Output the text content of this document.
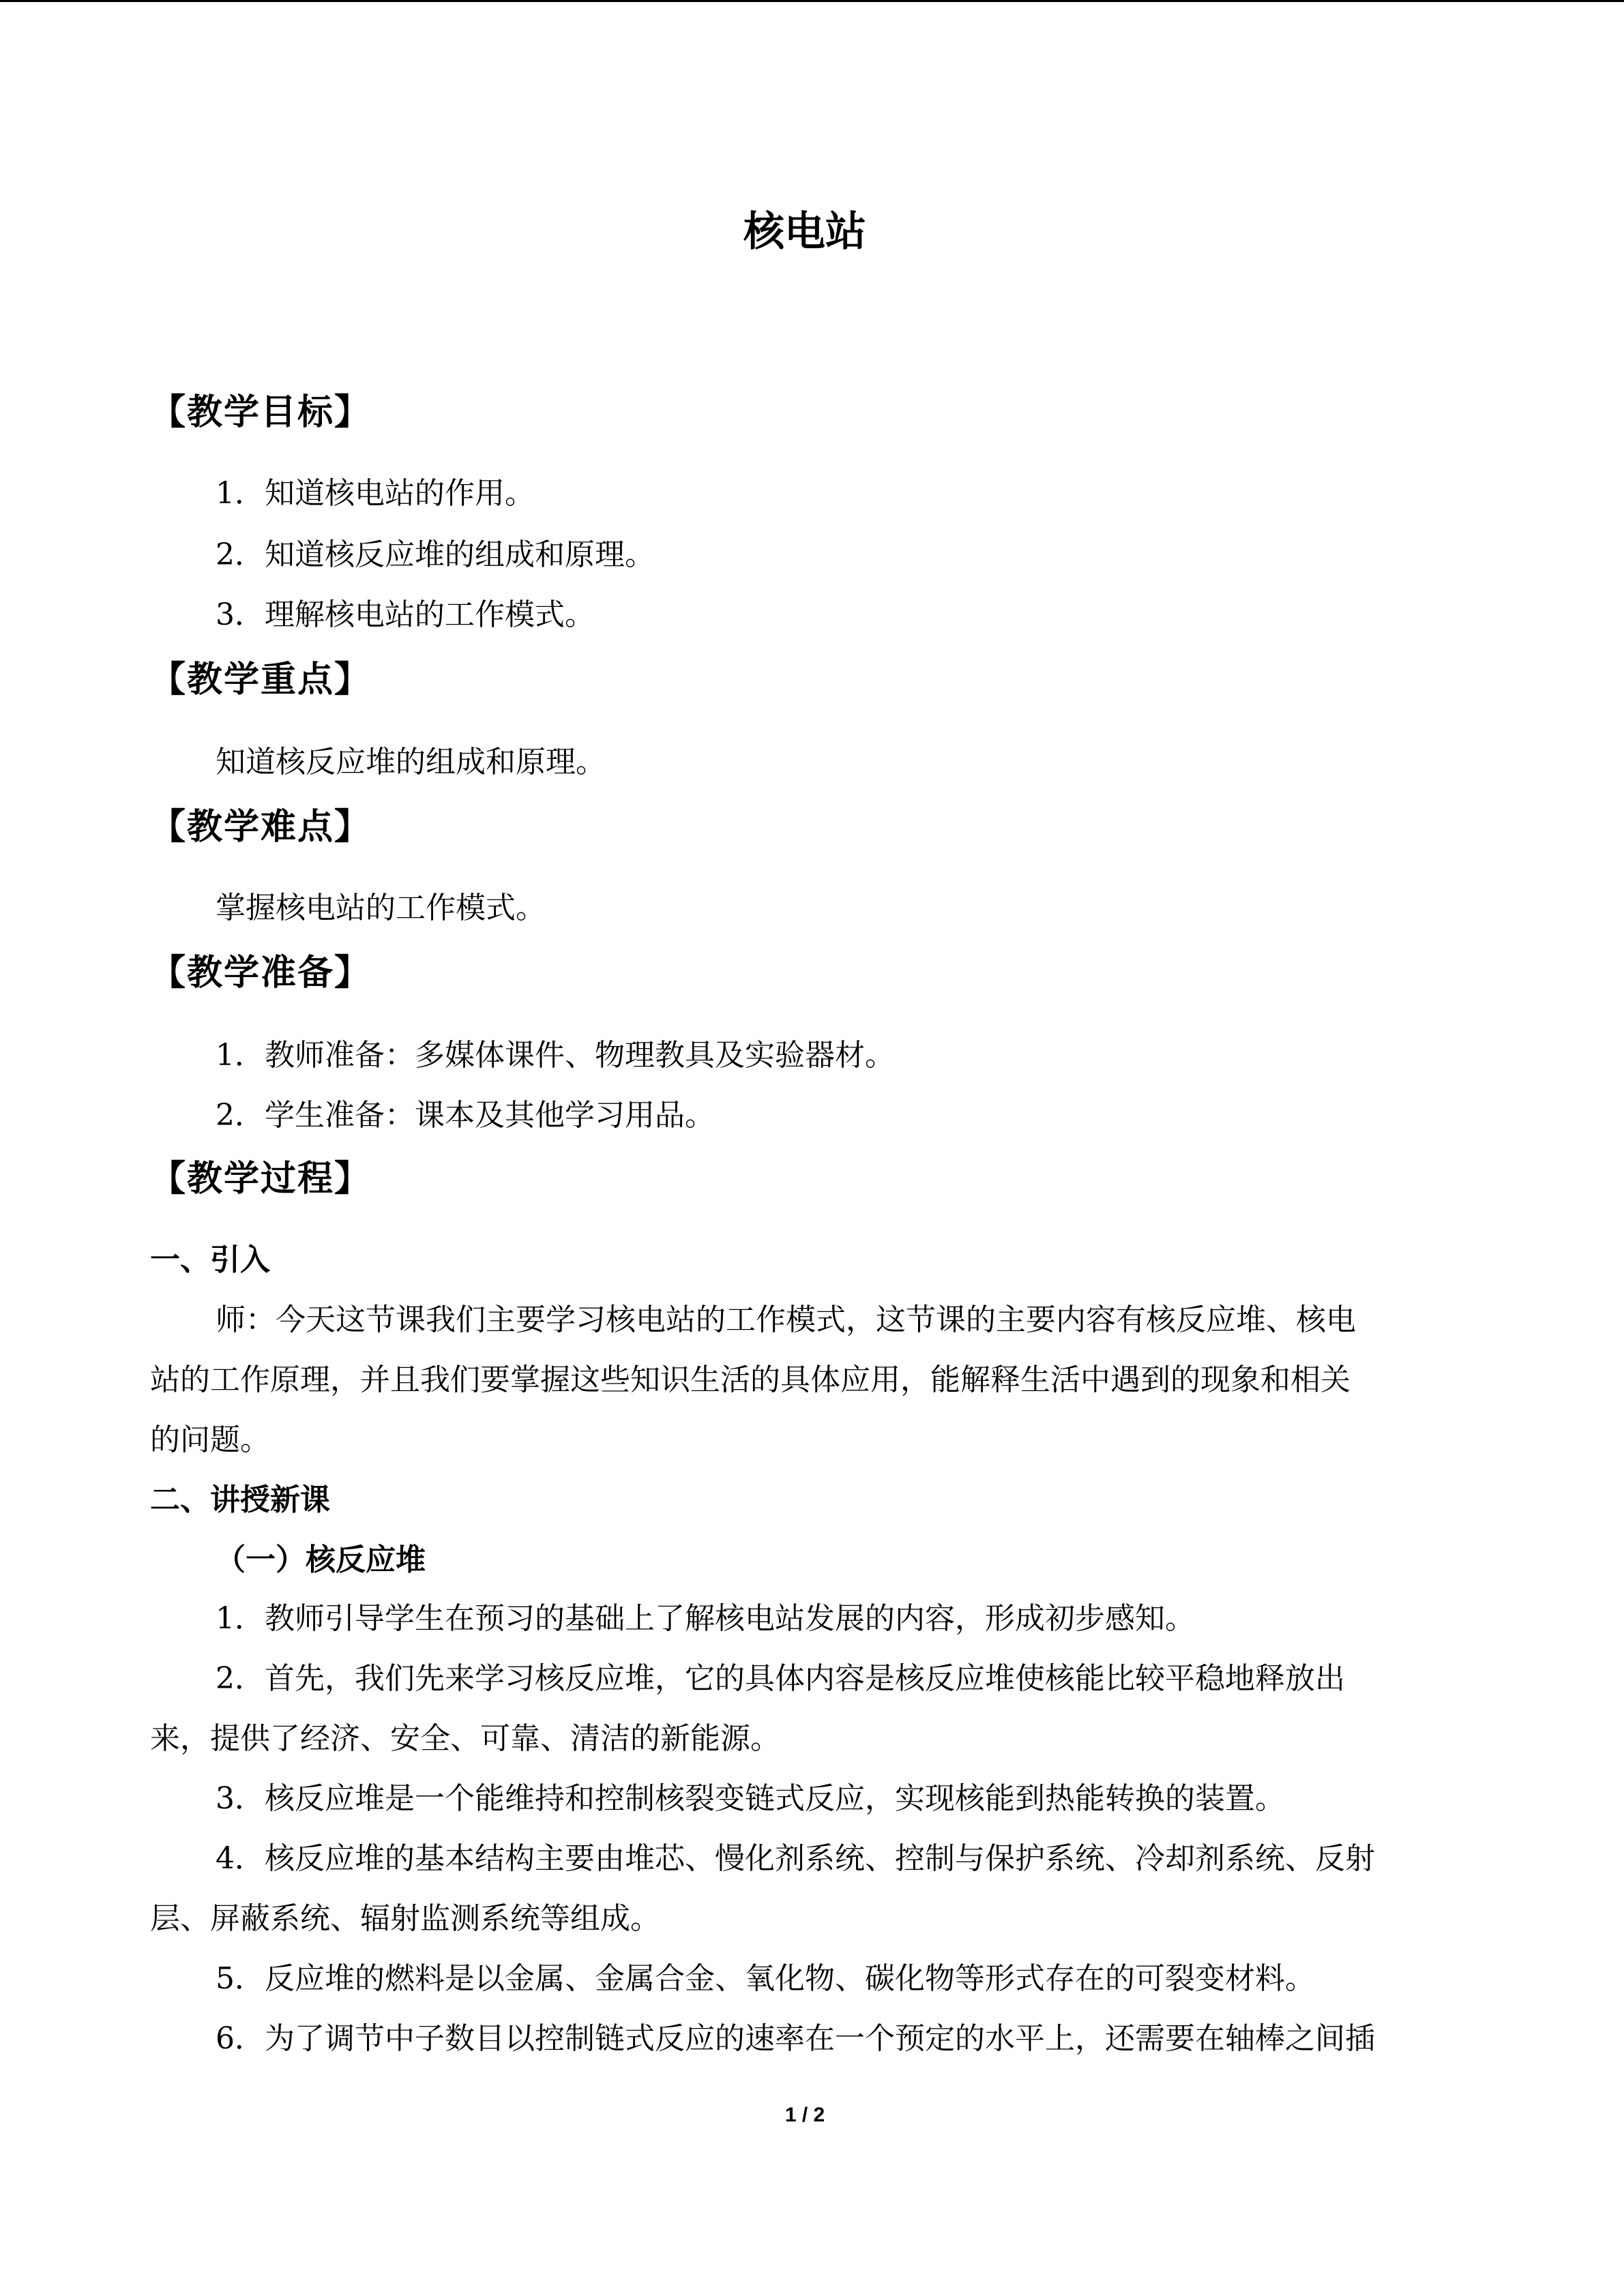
核电站
【教学目标】
1．知道核电站的作用。
2．知道核反应堆的组成和原理。
3．理解核电站的工作模式。
【教学重点】
知道核反应堆的组成和原理。
【教学难点】
掌握核电站的工作模式。
【教学准备】
1．教师准备：多媒体课件、物理教具及实验器材。
2．学生准备：课本及其他学习用品。
【教学过程】
一、引入
师：今天这节课我们主要学习核电站的工作模式，这节课的主要内容有核反应堆、核电
站的工作原理，并且我们要掌握这些知识生活的具体应用，能解释生活中遇到的现象和相关
的问题。
二、讲授新课
（一）核反应堆
1．教师引导学生在预习的基础上了解核电站发展的内容，形成初步感知。
2．首先，我们先来学习核反应堆，它的具体内容是核反应堆使核能比较平稳地释放出
来，提供了经济、安全、可靠、清洁的新能源。
3．核反应堆是一个能维持和控制核裂变链式反应，实现核能到热能转换的装置。
4．核反应堆的基本结构主要由堆芯、慢化剂系统、控制与保护系统、冷却剂系统、反射
层、屏蔽系统、辐射监测系统等组成。
5．反应堆的燃料是以金属、金属合金、氧化物、碳化物等形式存在的可裂变材料。
6．为了调节中子数目以控制链式反应的速率在一个预定的水平上，还需要在轴棒之间插
1 / 2
